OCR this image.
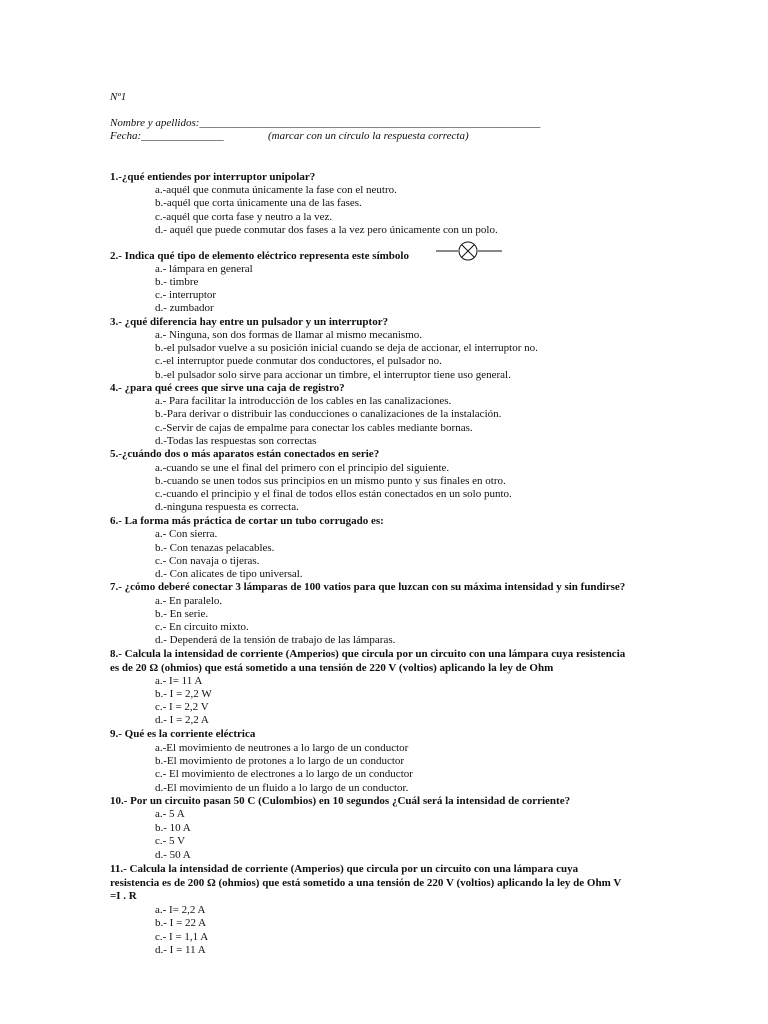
Nº1
Nombre y apellidos:______________________________________________________________
Fecha:_______________	(marcar con un círculo la respuesta correcta)
1.-¿qué entiendes por interruptor unipolar?
a.-aquél que conmuta únicamente la fase con el neutro.
b.-aquél que corta únicamente una de las fases.
c.-aquél que corta fase y neutro a la vez.
d.- aquél que puede conmutar dos fases a la vez pero únicamente con un polo.
2.- Indica qué tipo de elemento eléctrico representa este símbolo
a.- lámpara en general
b.- timbre
c.- interruptor
d.- zumbador
3.- ¿qué diferencia hay entre un pulsador y un interruptor?
a.- Ninguna, son dos formas de llamar al mismo mecanismo.
b.-el pulsador vuelve a su posición inicial cuando se deja de accionar, el interruptor no.
c.-el interruptor puede conmutar dos conductores, el pulsador no.
b.-el pulsador solo sirve para accionar un timbre, el interruptor tiene uso general.
4.- ¿para qué crees que sirve una caja de registro?
a.- Para facilitar la introducción de los cables en las canalizaciones.
b.-Para derivar o distribuir las conducciones o canalizaciones de la instalación.
c.-Servir de cajas de empalme para conectar los cables mediante bornas.
d.-Todas las respuestas son correctas
5.-¿cuándo dos o más aparatos están conectados en serie?
a.-cuando se une el final del primero con el principio del siguiente.
b.-cuando se unen todos sus principios en un mismo punto y sus finales en otro.
c.-cuando el principio y el final de todos ellos están conectados en un solo punto.
d.-ninguna respuesta es correcta.
6.- La forma más práctica de cortar un tubo corrugado es:
a.- Con sierra.
b.- Con tenazas pelacables.
c.- Con navaja o tijeras.
d.- Con alicates de tipo universal.
7.- ¿cómo deberé conectar 3 lámparas de 100 vatios para que luzcan con su máxima intensidad y sin fundirse?
a.- En paralelo.
b.- En serie.
c.- En circuito mixto.
d.- Dependerá de la tensión de trabajo de las lámparas.
8.- Calcula la intensidad de corriente (Amperios) que circula por un circuito con una lámpara cuya resistencia
es de 20 Ω (ohmios) que está sometido a una tensión de 220 V (voltios) aplicando la ley de Ohm
a.- I= 11 A
b.- I = 2,2 W
c.- I = 2,2 V
d.- I = 2,2 A
9.- Qué es la corriente eléctrica
a.-El movimiento de neutrones a lo largo de un conductor
b.-El movimiento de protones a lo largo de un conductor
c.- El movimiento de electrones a lo largo de un conductor
d.-El movimiento de un fluido a lo largo de un conductor.
10.- Por un circuito pasan 50 C (Culombios) en 10 segundos ¿Cuál será la intensidad de corriente?
a.- 5 A
b.- 10 A
c.- 5 V
d.- 50 A
11.- Calcula la intensidad de corriente (Amperios) que circula por un circuito con una lámpara cuya
resistencia es de 200 Ω (ohmios) que está sometido a una tensión de 220 V (voltios) aplicando la ley de Ohm V
=I . R
a.- I= 2,2 A
b.- I = 22 A
c.- I = 1,1 A
d.- I = 11 A
